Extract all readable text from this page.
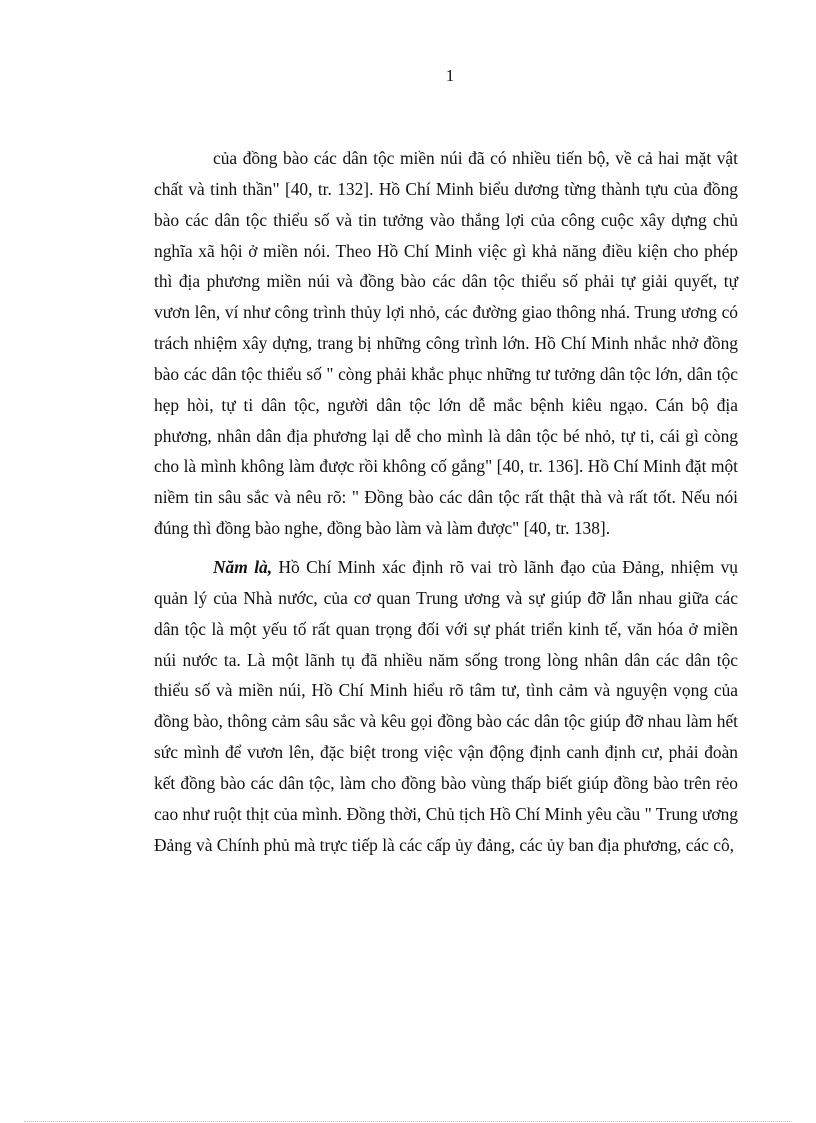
1

của đồng bào các dân tộc miền núi đã có nhiều tiến bộ, về cả hai mặt vật chất và tinh thần" [40, tr. 132]. Hồ Chí Minh biểu dương từng thành tựu của đồng bào các dân tộc thiểu số và tin tưởng vào thắng lợi của công cuộc xây dựng chủ nghĩa xã hội ở miền nói. Theo Hồ Chí Minh việc gì khả năng điều kiện cho phép thì địa phương miền núi và đồng bào các dân tộc thiểu số phải tự giải quyết, tự vươn lên, ví như công trình thủy lợi nhỏ, các đường giao thông nhá. Trung ương có trách nhiệm xây dựng, trang bị những công trình lớn. Hồ Chí Minh nhắc nhở đồng bào các dân tộc thiểu số " còng phải khắc phục những tư tưởng dân tộc lớn, dân tộc hẹp hòi, tự ti dân tộc, người dân tộc lớn dễ mắc bệnh kiêu ngạo. Cán bộ địa phương, nhân dân địa phương lại dễ cho mình là dân tộc bé nhỏ, tự ti, cái gì còng cho là mình không làm được rồi không cố gắng" [40, tr. 136]. Hồ Chí Minh đặt một niềm tin sâu sắc và nêu rõ: " Đồng bào các dân tộc rất thật thà và rất tốt. Nếu nói đúng thì đồng bào nghe, đồng bào làm và làm được" [40, tr. 138].

Năm là, Hồ Chí Minh xác định rõ vai trò lãnh đạo của Đảng, nhiệm vụ quản lý của Nhà nước, của cơ quan Trung ương và sự giúp đỡ lẫn nhau giữa các dân tộc là một yếu tố rất quan trọng đối với sự phát triển kinh tế, văn hóa ở miền núi nước ta. Là một lãnh tụ đã nhiều năm sống trong lòng nhân dân các dân tộc thiểu số và miền núi, Hồ Chí Minh hiểu rõ tâm tư, tình cảm và nguyện vọng của đồng bào, thông cảm sâu sắc và kêu gọi đồng bào các dân tộc giúp đỡ nhau làm hết sức mình để vươn lên, đặc biệt trong việc vận động định canh định cư, phải đoàn kết đồng bào các dân tộc, làm cho đồng bào vùng thấp biết giúp đồng bào trên rẻo cao như ruột thịt của mình. Đồng thời, Chủ tịch Hồ Chí Minh yêu cầu " Trung ương Đảng và Chính phủ mà trực tiếp là các cấp ủy đảng, các ủy ban địa phương, các cô,
